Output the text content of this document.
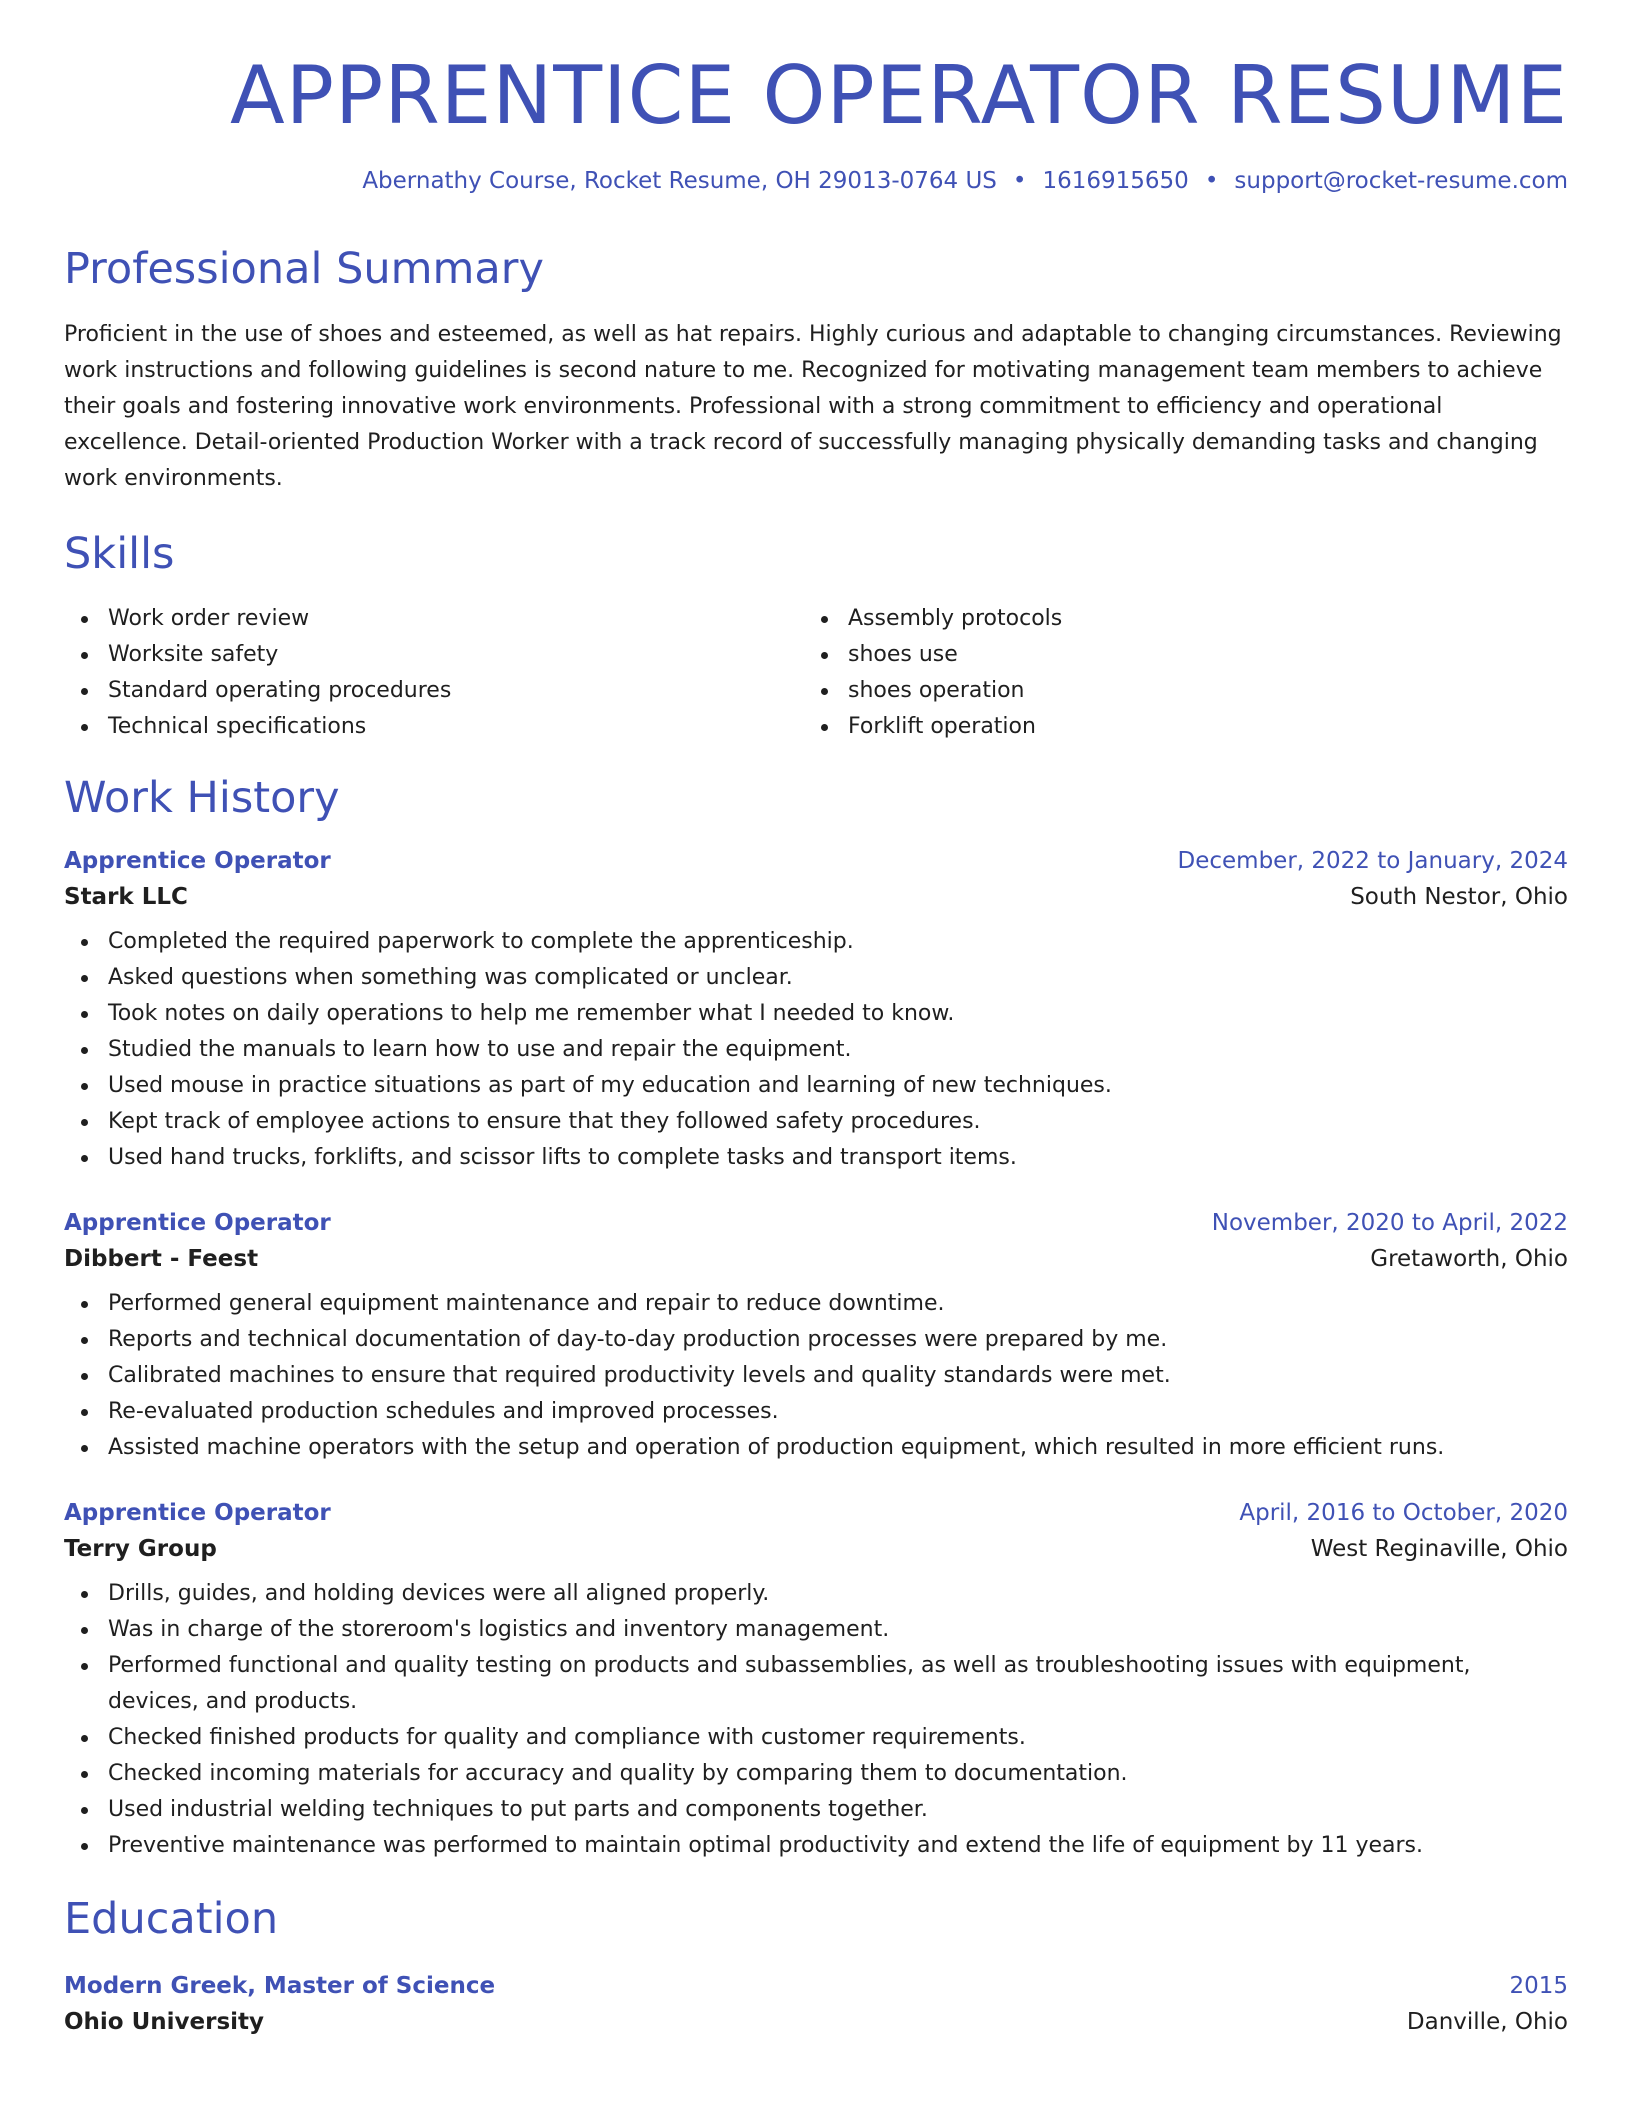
APPRENTICE OPERATOR RESUME
Abernathy Course, Rocket Resume, OH 29013-0764 US • 1616915650 • support@rocket-resume.com
Professional Summary

Proficient in the use of shoes and esteemed, as well as hat repairs. Highly curious and adaptable to changing circumstances. Reviewing work instructions and following guidelines is second nature to me. Recognized for motivating management team members to achieve their goals and fostering innovative work environments. Professional with a strong commitment to efficiency and operational excellence. Detail-oriented Production Worker with a track record of successfully managing physically demanding tasks and changing work environments.

Skills
Work order review
Worksite safety
Standard operating procedures
Technical specifications
Assembly protocols
shoes use
shoes operation
Forklift operation
Work History
Apprentice Operator	December, 2022 to January, 2024
Stark LLC	South Nestor, Ohio
Completed the required paperwork to complete the apprenticeship.
Asked questions when something was complicated or unclear.
Took notes on daily operations to help me remember what I needed to know.
Studied the manuals to learn how to use and repair the equipment.
Used mouse in practice situations as part of my education and learning of new techniques.
Kept track of employee actions to ensure that they followed safety procedures.
Used hand trucks, forklifts, and scissor lifts to complete tasks and transport items.
Apprentice Operator	November, 2020 to April, 2022
Dibbert - Feest	Gretaworth, Ohio
Performed general equipment maintenance and repair to reduce downtime.
Reports and technical documentation of day-to-day production processes were prepared by me.
Calibrated machines to ensure that required productivity levels and quality standards were met.
Re-evaluated production schedules and improved processes.
Assisted machine operators with the setup and operation of production equipment, which resulted in more efficient runs.
Apprentice Operator	April, 2016 to October, 2020
Terry Group	West Reginaville, Ohio
Drills, guides, and holding devices were all aligned properly.
Was in charge of the storeroom's logistics and inventory management.
Performed functional and quality testing on products and subassemblies, as well as troubleshooting issues with equipment, devices, and products.
Checked finished products for quality and compliance with customer requirements.
Checked incoming materials for accuracy and quality by comparing them to documentation.
Used industrial welding techniques to put parts and components together.
Preventive maintenance was performed to maintain optimal productivity and extend the life of equipment by 11 years.
Education
Modern Greek, Master of Science	2015
Ohio University	Danville, Ohio
